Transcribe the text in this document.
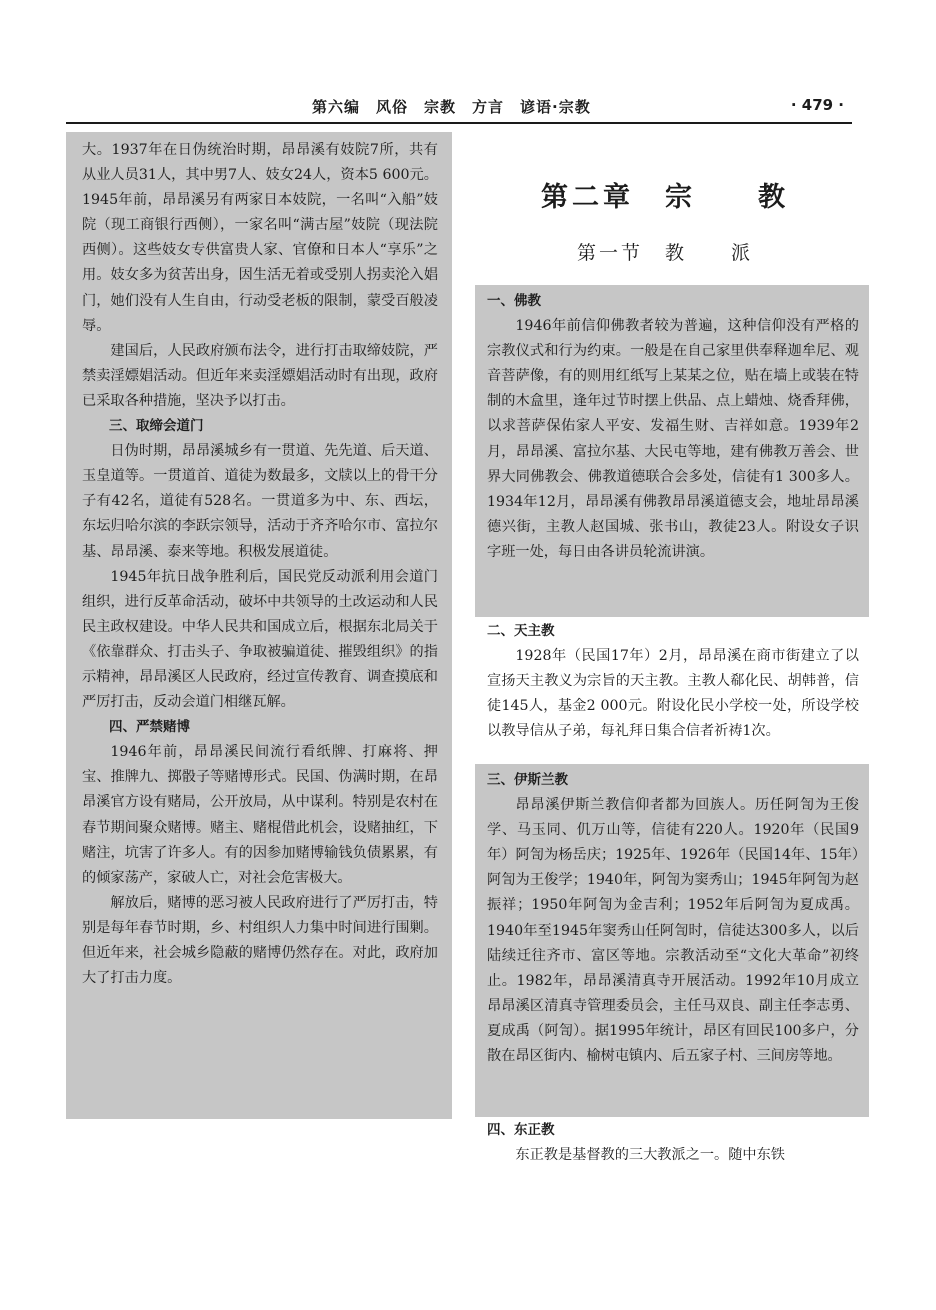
第六编　风俗　宗教　方言　谚语·宗教	· 479 ·

大。1937年在日伪统治时期，昂昂溪有妓院7所，共有从业人员31人，其中男7人、妓女24人，资本5 600元。1945年前，昂昂溪另有两家日本妓院，一名叫“入船”妓院（现工商银行西侧），一家名叫“满古屋”妓院（现法院西侧）。这些妓女专供富贵人家、官僚和日本人“享乐”之用。妓女多为贫苦出身，因生活无着或受别人拐卖沦入娼门，她们没有人生自由，行动受老板的限制，蒙受百般凌辱。

建国后，人民政府颁布法令，进行打击取缔妓院，严禁卖淫嫖娼活动。但近年来卖淫嫖娼活动时有出现，政府已采取各种措施，坚决予以打击。

三、取缔会道门

日伪时期，昂昂溪城乡有一贯道、先先道、后天道、玉皇道等。一贯道首、道徒为数最多，文牍以上的骨干分子有42名，道徒有528名。一贯道多为中、东、西坛，东坛归哈尔滨的李跃宗领导，活动于齐齐哈尔市、富拉尔基、昂昂溪、泰来等地。积极发展道徒。

1945年抗日战争胜利后，国民党反动派利用会道门组织，进行反革命活动，破坏中共领导的土改运动和人民民主政权建设。中华人民共和国成立后，根据东北局关于《依靠群众、打击头子、争取被骗道徒、摧毁组织》的指示精神，昂昂溪区人民政府，经过宣传教育、调查摸底和严厉打击，反动会道门相继瓦解。

四、严禁赌博

1946年前，昂昂溪民间流行看纸牌、打麻将、押宝、推牌九、掷骰子等赌博形式。民国、伪满时期，在昂昂溪官方设有赌局，公开放局，从中谋利。特别是农村在春节期间聚众赌博。赌主、赌棍借此机会，设赌抽红，下赌注，坑害了许多人。有的因参加赌博输钱负债累累，有的倾家荡产，家破人亡，对社会危害极大。

解放后，赌博的恶习被人民政府进行了严厉打击，特别是每年春节时期，乡、村组织人力集中时间进行围剿。但近年来，社会城乡隐蔽的赌博仍然存在。对此，政府加大了打击力度。

第二章　宗　　教
第一节　教　　派
一、佛教

1946年前信仰佛教者较为普遍，这种信仰没有严格的宗教仪式和行为约束。一般是在自己家里供奉释迦牟尼、观音菩萨像，有的则用红纸写上某某之位，贴在墙上或装在特制的木盒里，逢年过节时摆上供品、点上蜡烛、烧香拜佛，以求菩萨保佑家人平安、发福生财、吉祥如意。1939年2月，昂昂溪、富拉尔基、大民屯等地，建有佛教万善会、世界大同佛教会、佛教道德联合会多处，信徒有1 300多人。1934年12月，昂昂溪有佛教昂昂溪道德支会，地址昂昂溪德兴街，主教人赵国城、张书山，教徒23人。附设女子识字班一处，每日由各讲员轮流讲演。

二、天主教

1928年（民国17年）2月，昂昂溪在商市街建立了以宣扬天主教义为宗旨的天主教。主教人郗化民、胡韩普，信徒145人，基金2 000元。附设化民小学校一处，所设学校以教导信从子弟，每礼拜日集合信者祈祷1次。

三、伊斯兰教

昂昂溪伊斯兰教信仰者都为回族人。历任阿訇为王俊学、马玉同、仉万山等，信徒有220人。1920年（民国9年）阿訇为杨岳庆；1925年、1926年（民国14年、15年）阿訇为王俊学；1940年，阿訇为窦秀山；1945年阿訇为赵振祥；1950年阿訇为金吉利；1952年后阿訇为夏成禹。1940年至1945年窦秀山任阿訇时，信徒达300多人，以后陆续迁往齐市、富区等地。宗教活动至“文化大革命”初终止。1982年，昂昂溪清真寺开展活动。1992年10月成立昂昂溪区清真寺管理委员会，主任马双良、副主任李志勇、夏成禹（阿訇）。据1995年统计，昂区有回民100多户，分散在昂区街内、榆树屯镇内、后五家子村、三间房等地。

四、东正教

东正教是基督教的三大教派之一。随中东铁
